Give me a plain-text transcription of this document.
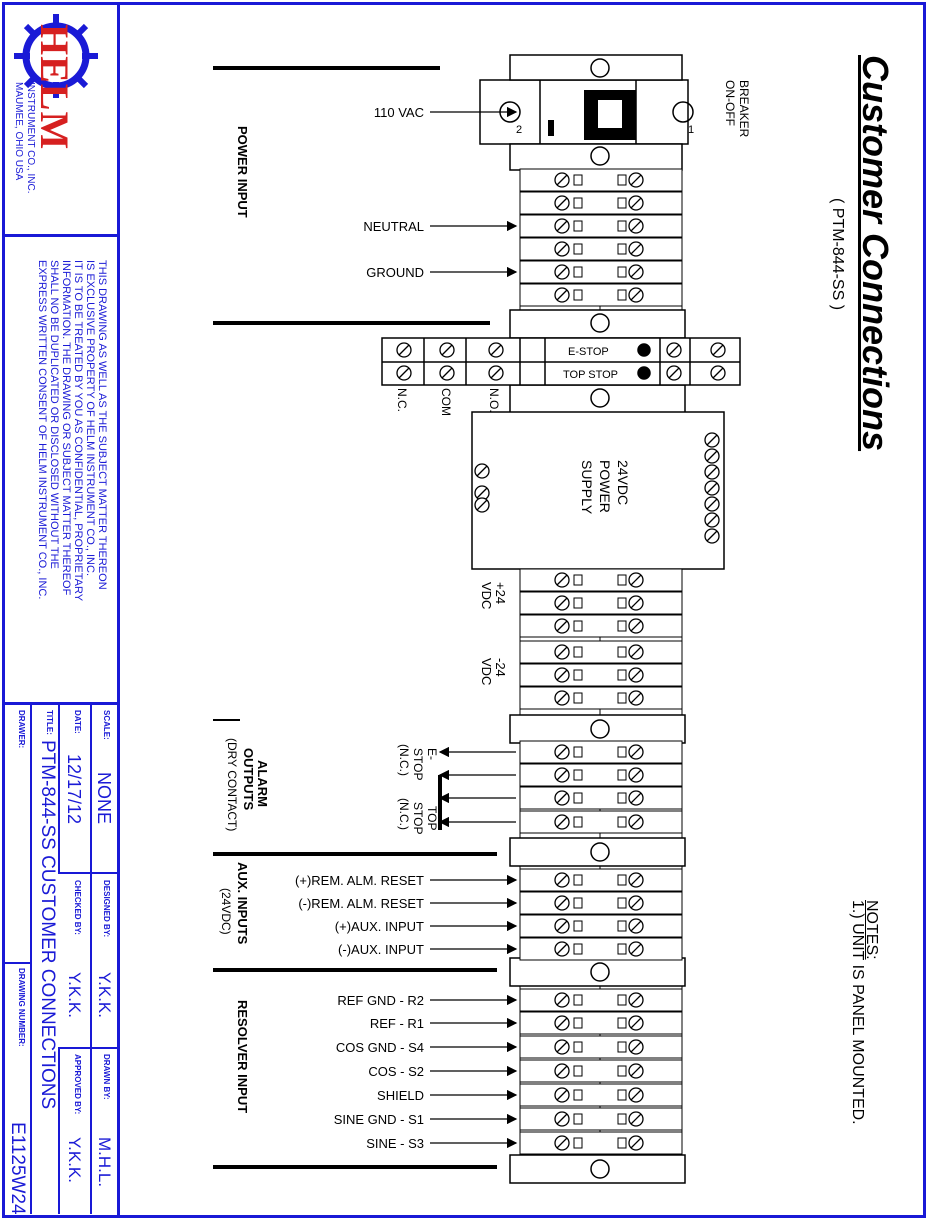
HELM
INSTRUMENT CO., INC.
MAUMEE, OHIO USA
THIS DRAWING AS WELL AS THE SUBJECT MATTER THEREON
IS EXCLUSIVE PROPERTY OF HELM INSTRUMENT CO., INC.
IT IS TO BE TREATED BY YOU AS CONFIDENTIAL, PROPRIETARY
INFORMATION. THE DRAWING OR SUBJECT MATTER THEREOF
SHALL NO BE DUPLICATED OR DISCLOSED WITHOUT THE
EXPRESS WRITTEN CONSENT OF HELM INSTRUMENT CO., INC.
SCALE:
NONE
DATE:
12/17/12
TITLE:
PTM-844-SS CUSTOMER CONNECTIONS
DRAWER:
DESIGNED BY:
Y.K.K.
CHECKED BY:
Y.K.K.
DRAWING NUMBER:
E1125W24
DRAWN BY:
M.H.L.
APPROVED BY:
Y.K.K.
Customer Connections
( PTM-844-SS )
NOTES:
1.) UNIT IS PANEL MOUNTED.
110 VAC
NEUTRAL
GROUND
(+)REM. ALM. RESET
(-)REM. ALM. RESET
(+)AUX. INPUT
(-)AUX. INPUT
REF GND - R2
REF - R1
COS GND - S4
COS - S2
SHIELD
SINE GND - S1
SINE - S3
ON-OFF BREAKER
2	1
AB
E-STOP
TOP STOP
N.C.	COM	N.O.
24VDC
POWER
SUPPLY
+24
VDC
-24
VDC
E-
STOP
(N.C.)
TOP
STOP
(N.C.)
POWER INPUT
ALARM
OUTPUTS
(DRY CONTACT)
AUX. INPUTS
(24VDC)
RESOLVER INPUT
